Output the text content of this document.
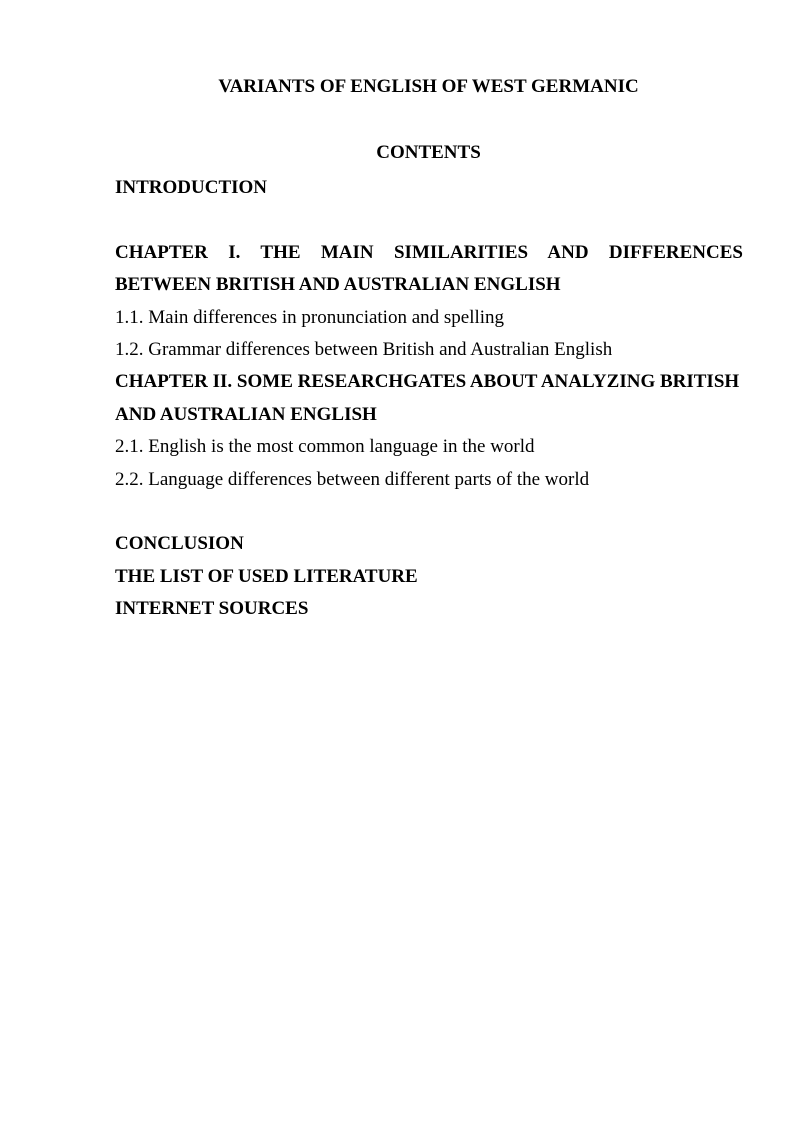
VARIANTS OF ENGLISH OF WEST GERMANIC
CONTENTS
INTRODUCTION
CHAPTER I. THE MAIN SIMILARITIES AND DIFFERENCES
BETWEEN BRITISH AND AUSTRALIAN ENGLISH
1.1. Main differences in pronunciation and spelling
1.2. Grammar differences between British and Australian English
CHAPTER II. SOME RESEARCHGATES ABOUT ANALYZING BRITISH
AND AUSTRALIAN ENGLISH
2.1. English is the most common language in the world
2.2. Language differences between different parts of the world
CONCLUSION
THE LIST OF USED LITERATURE
INTERNET SOURCES
